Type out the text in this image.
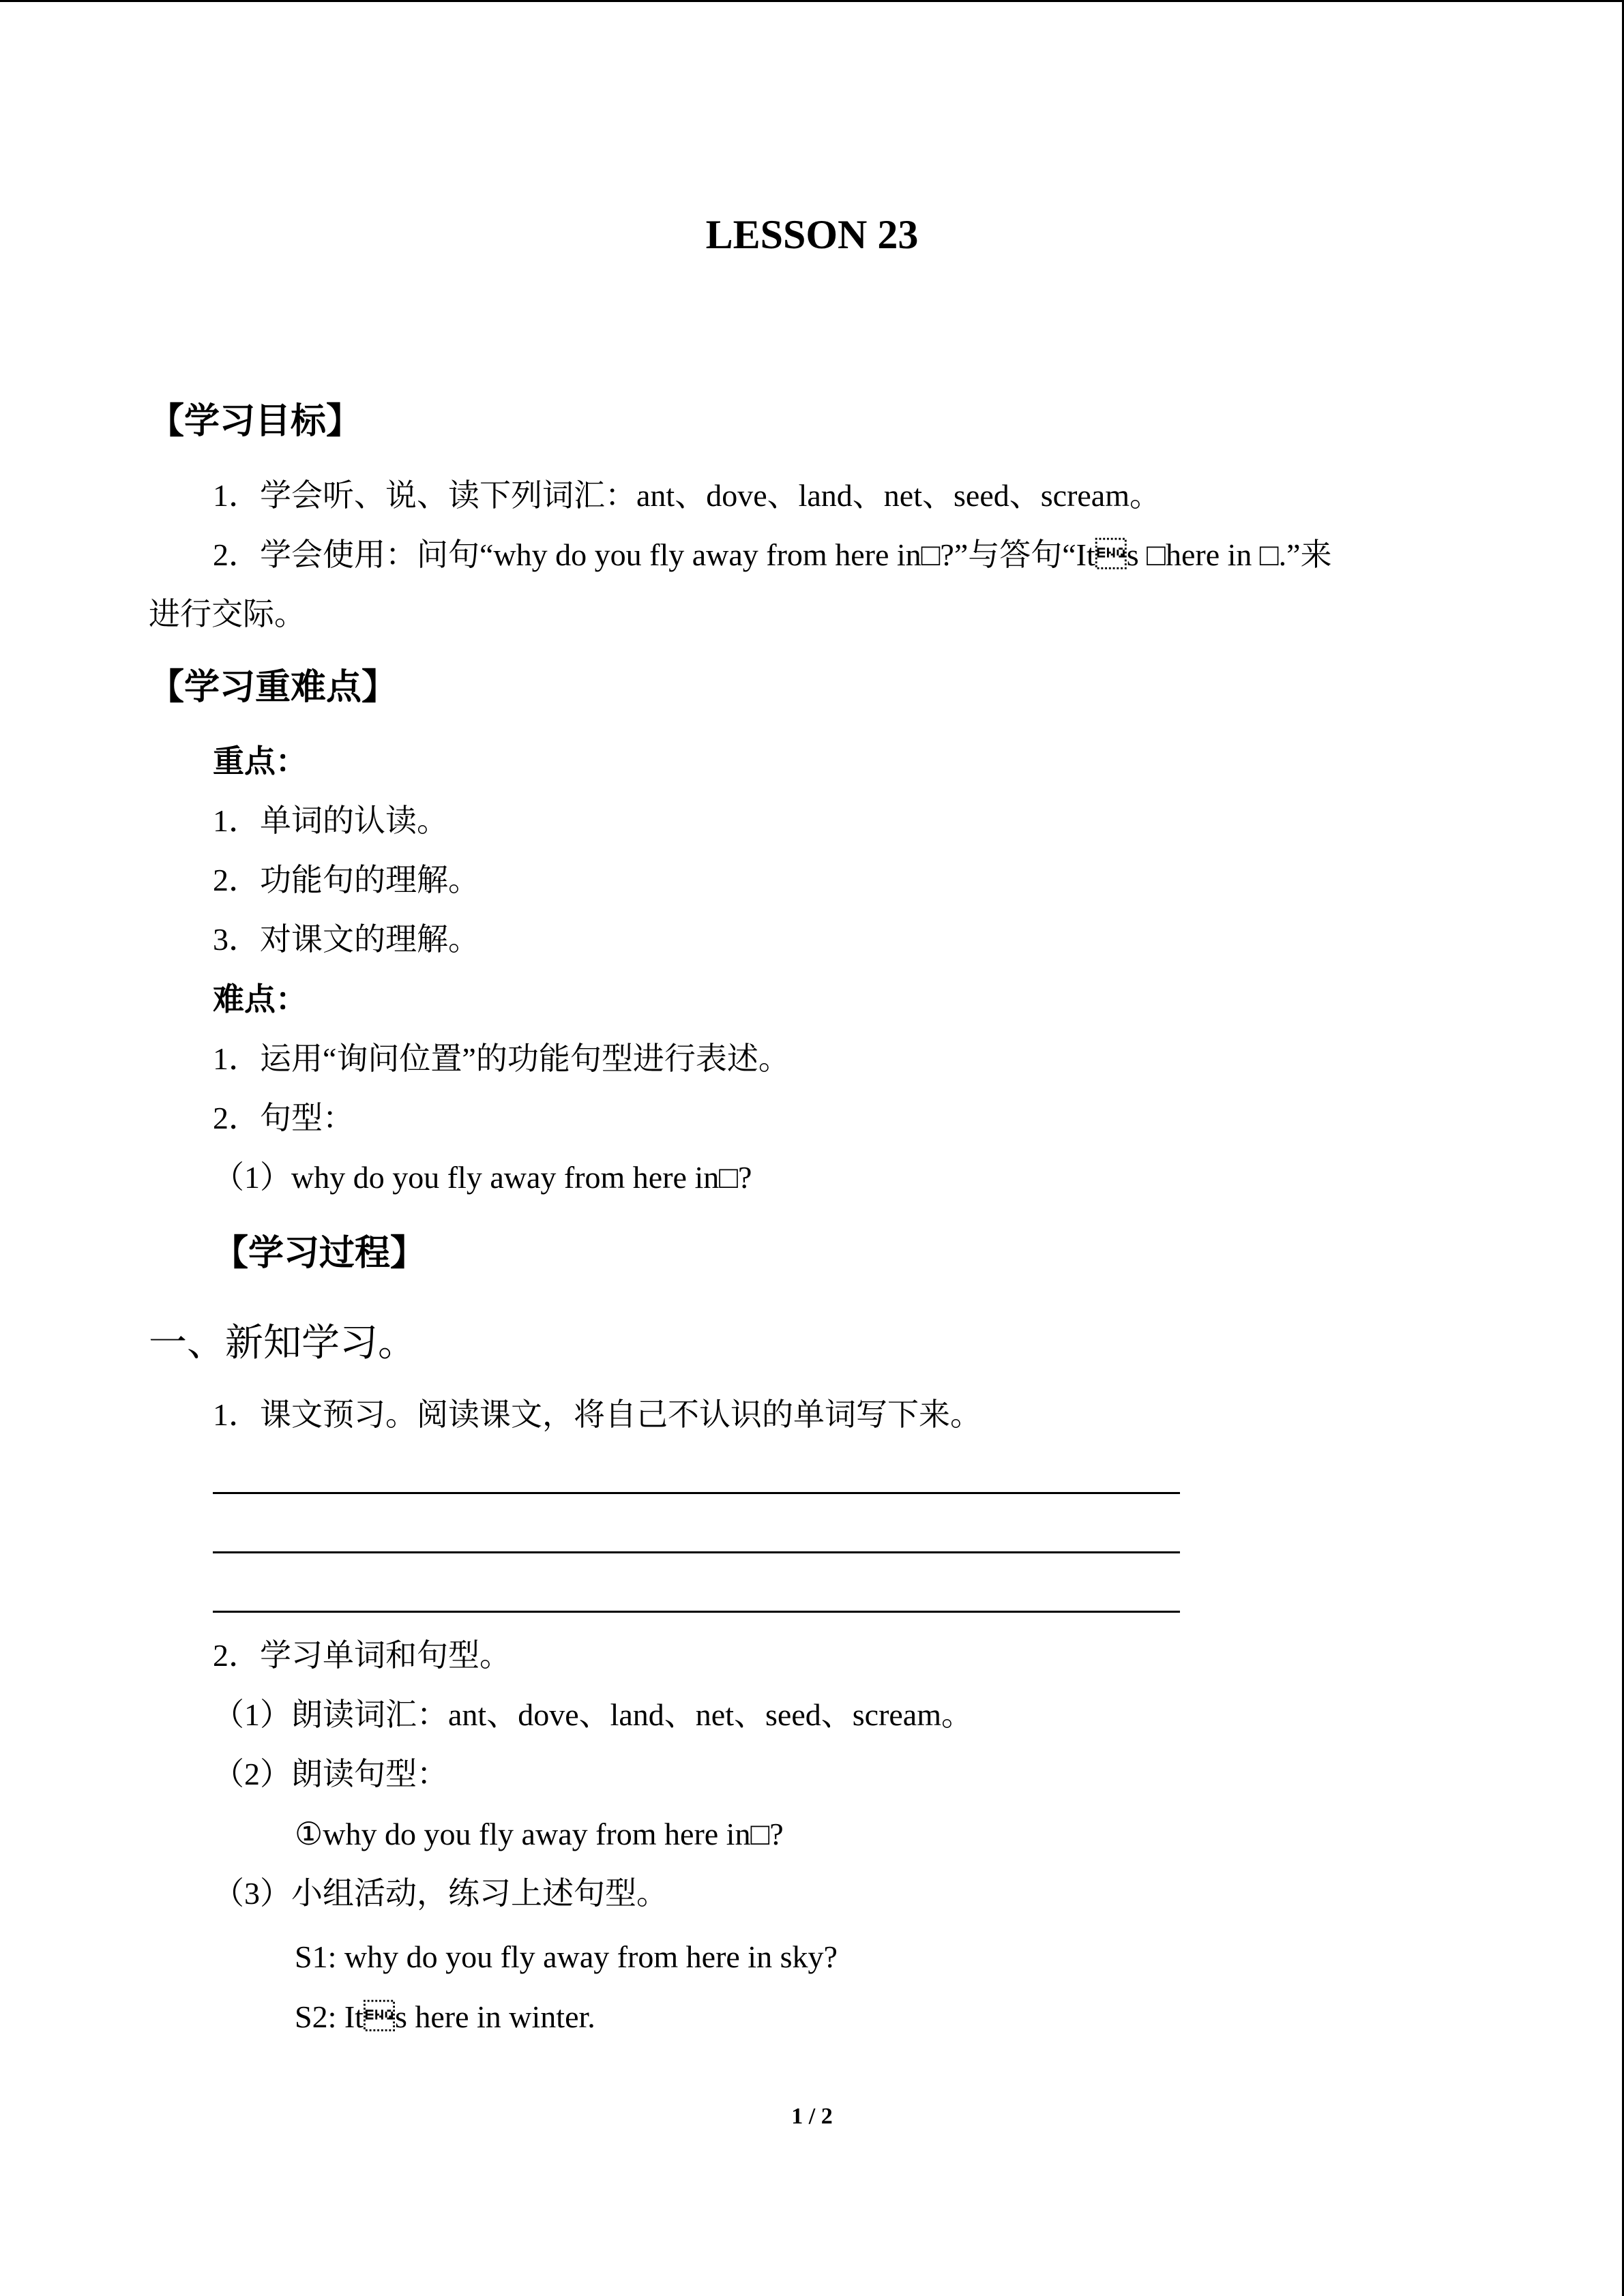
LESSON 23
【学习目标】
1．学会听、说、读下列词汇：ant、dove、land、net、seed、scream。
2．学会使用：问句“why do you fly away from here in□?”与答句“Its □here in □.”来
进行交际。
【学习重难点】
重点：
1．单词的认读。
2．功能句的理解。
3．对课文的理解。
难点：
1．运用“询问位置”的功能句型进行表述。
2．句型：
（1）why do you fly away from here in□?
【学习过程】
一、新知学习。
1．课文预习。阅读课文，将自己不认识的单词写下来。
2．学习单词和句型。
（1）朗读词汇：ant、dove、land、net、seed、scream。
（2）朗读句型：
①why do you fly away from here in□?
（3）小组活动，练习上述句型。
S1: why do you fly away from here in sky?
S2: Its here in winter.
1 / 2
